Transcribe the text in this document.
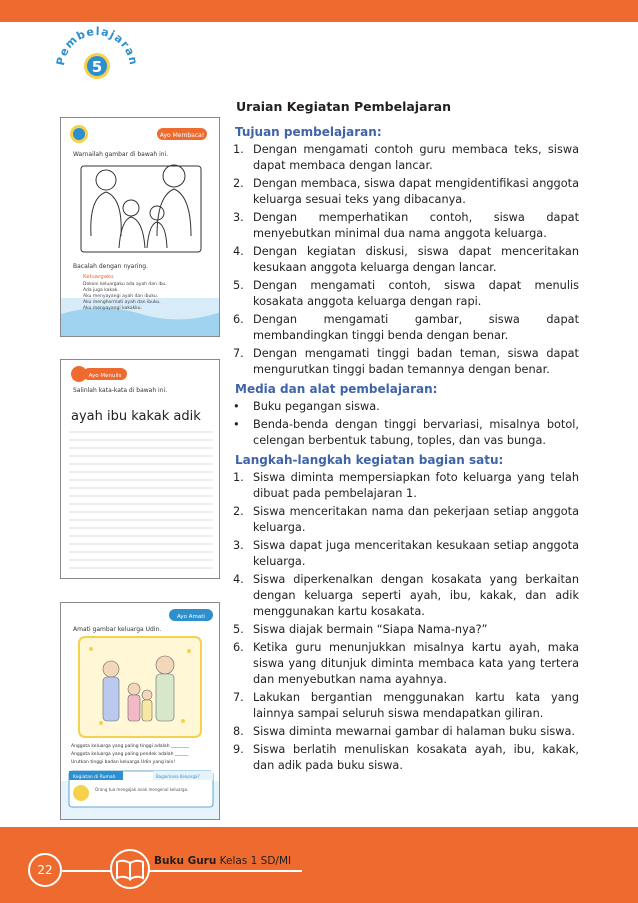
Pembelajaran
5
Ayo Membaca!
Warnailah gambar di bawah ini.
Bacalah dengan nyaring.
Keluargaku
Dokoni keluargaku ada ayah dan ibu.
Ada juga kakak.
Aku menyayangi ayah dan ibuku.
Aku menghormati ayah dan ibuku.
Aku menyayangi kakakku.
Ayo Menulis
Salinlah kata-kata di bawah ini.
ayah ibu kakak adik
Ayo Amati
Amati gambar keluarga Udin.
Anggota keluarga yang paling tinggi adalah ________
Anggota keluarga yang paling pendek adalah ______
Urutkan tinggi badan keluarga Udin yang lain!
Kegiatan di Rumah	Bagaimana Keluarga?
Orang tua mengajak anak mengenal keluarga.
Uraian Kegiatan Pembelajaran
Tujuan pembelajaran:
1. Dengan mengamati contoh guru membaca teks, siswa dapat membaca dengan lancar.
2. Dengan membaca, siswa dapat mengidentifikasi anggota keluarga sesuai teks yang dibacanya.
3. Dengan memperhatikan contoh, siswa dapat menyebutkan minimal dua nama anggota keluarga.
4. Dengan kegiatan diskusi, siswa dapat menceritakan kesukaan anggota keluarga dengan lancar.
5. Dengan mengamati contoh, siswa dapat menulis kosakata anggota keluarga dengan rapi.
6. Dengan mengamati gambar, siswa dapat membandingkan tinggi benda dengan benar.
7. Dengan mengamati tinggi badan teman, siswa dapat mengurutkan tinggi badan temannya dengan benar.
Media dan alat pembelajaran:
•	Buku pegangan siswa.
•	Benda-benda dengan tinggi bervariasi, misalnya botol, celengan berbentuk tabung, toples, dan vas bunga.
Langkah-langkah kegiatan bagian satu:
1. Siswa diminta mempersiapkan foto keluarga yang telah dibuat pada pembelajaran 1.
2. Siswa menceritakan nama dan pekerjaan setiap anggota keluarga.
3. Siswa dapat juga menceritakan kesukaan setiap anggota keluarga.
4. Siswa diperkenalkan dengan kosakata yang berkaitan dengan keluarga seperti ayah, ibu, kakak, dan adik menggunakan kartu kosakata.
5. Siswa diajak bermain “Siapa Nama-nya?”
6. Ketika guru menunjukkan misalnya kartu ayah, maka siswa yang ditunjuk diminta membaca kata yang tertera dan menyebutkan nama ayahnya.
7. Lakukan bergantian menggunakan kartu kata yang lainnya sampai seluruh siswa mendapatkan giliran.
8. Siswa diminta mewarnai gambar di halaman buku siswa.
9. Siswa berlatih menuliskan kosakata ayah, ibu, kakak, dan adik pada buku siswa.
22
Buku Guru Kelas 1 SD/MI
